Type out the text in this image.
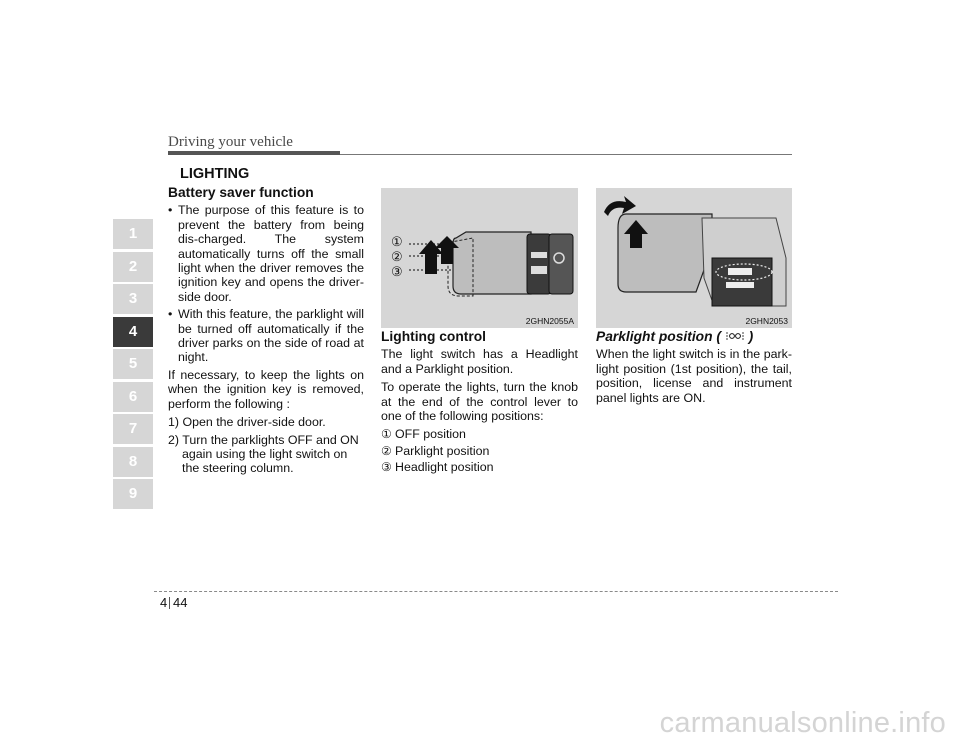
Driving your vehicle
LIGHTING
1
2
3
4
5
6
7
8
9
Battery saver function
• The purpose of this feature is to prevent the battery from being dis-charged. The system automatically turns off the small light when the driver removes the ignition key and opens the driver- side door.
• With this feature, the parklight will be turned off automatically if the driver parks on the side of road at night.

If necessary, to keep the lights on when the ignition key is removed, perform the following :

1) Open the driver-side door.
2) Turn the parklights OFF and ON again using the light switch on the steering column.
①
②
③
2GHN2055A	2GHN2053
Lighting control

The light switch has a Headlight and a Parklight position.

To operate the lights, turn the knob at the end of the control lever to one of the following positions:

① OFF position
② Parklight position
③ Headlight position
Parklight position ( )

When the light switch is in the park-light position (1st position), the tail, position, license and instrument panel lights are ON.

4 44
carmanualsonline.info
